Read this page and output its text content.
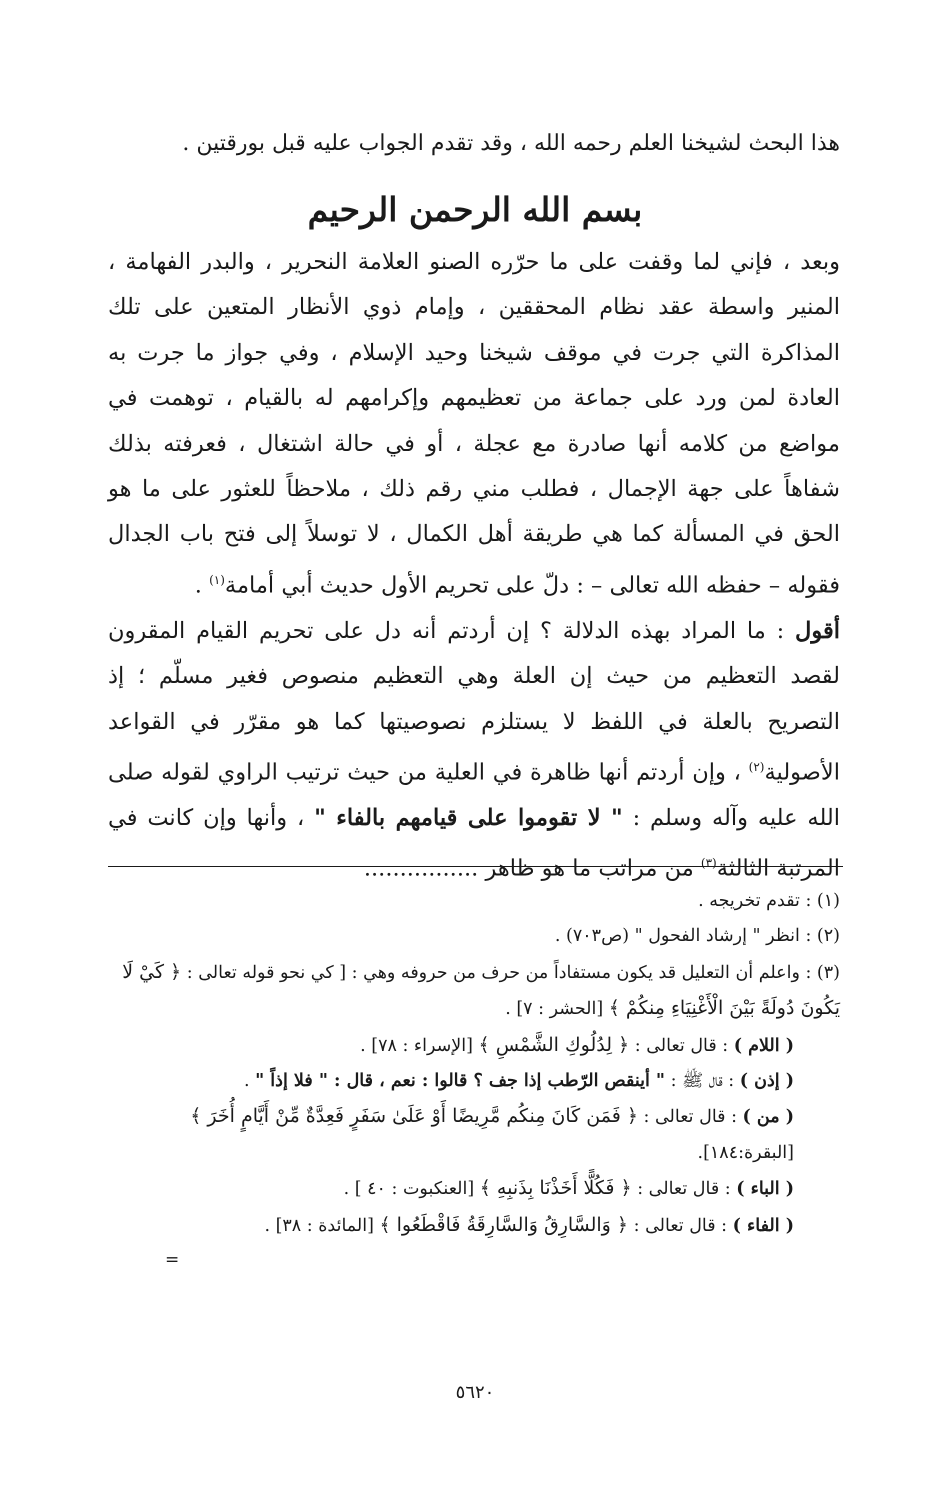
هذا البحث لشيخنا العلم رحمه الله ، وقد تقدم الجواب عليه قبل بورقتين .
بسم الله الرحمن الرحيم

وبعد ، فإني لما وقفت على ما حرّره الصنو العلامة النحرير ، والبدر الفهامة ، المنير واسطة عقد نظام المحققين ، وإمام ذوي الأنظار المتعين على تلك المذاكرة التي جرت في موقف شيخنا وحيد الإسلام ، وفي جواز ما جرت به العادة لمن ورد على جماعة من تعظيمهم وإكرامهم له بالقيام ، توهمت في مواضع من كلامه أنها صادرة مع عجلة ، أو في حالة اشتغال ، فعرفته بذلك شفاهاً على جهة الإجمال ، فطلب مني رقم ذلك ، ملاحظاً للعثور على ما هو الحق في المسألة كما هي طريقة أهل الكمال ، لا توسلاً إلى فتح باب الجدال فقوله – حفظه الله تعالى – : دلّ على تحريم الأول حديث أبي أمامة$^{(١)}$ .

أقول : ما المراد بهذه الدلالة ؟ إن أردتم أنه دل على تحريم القيام المقرون لقصد التعظيم من حيث إن العلة وهي التعظيم منصوص فغير مسلّم ؛ إذ التصريح بالعلة في اللفظ لا يستلزم نصوصيتها كما هو مقرّر في القواعد الأصولية$^{(٢)}$ ، وإن أردتم أنها ظاهرة في العلية من حيث ترتيب الراوي لقوله صلى الله عليه وآله وسلم : " لا تقوموا على قيامهم بالفاء " ، وأنها وإن كانت في المرتبة الثالثة$^{(٣)}$ من مراتب ما هو ظاهر ................

(١) : تقدم تخريجه .

(٢) : انظر " إرشاد الفحول " (ص٧٠٣) .

(٣) : واعلم أن التعليل قد يكون مستفاداً من حرف من حروفه وهي : [ كي نحو قوله تعالى : ﴿ كَيْ لَا يَكُونَ دُولَةً بَيْنَ الْأَغْنِيَاءِ مِنكُمْ ﴾ [الحشر : ٧] .

( اللام ) : قال تعالى : ﴿ لِدُلُوكِ الشَّمْسِ ﴾ [الإسراء : ٧٨] .

( إذن ) : قال ﷺ : " أينقص الرّطب إذا جف ؟ قالوا : نعم ، قال : " فلا إذاً " .

( من ) : قال تعالى : ﴿ فَمَن كَانَ مِنكُم مَّرِيضًا أَوْ عَلَىٰ سَفَرٍ فَعِدَّةٌ مِّنْ أَيَّامٍ أُخَرَ ﴾ [البقرة:١٨٤].

( الباء ) : قال تعالى : ﴿ فَكُلًّا أَخَذْنَا بِذَنبِهِ ﴾ [العنكبوت : ٤٠ ] .

( الفاء ) : قال تعالى : ﴿ وَالسَّارِقُ وَالسَّارِقَةُ فَاقْطَعُوا ﴾ [المائدة : ٣٨] .

=
٥٦٢٠
